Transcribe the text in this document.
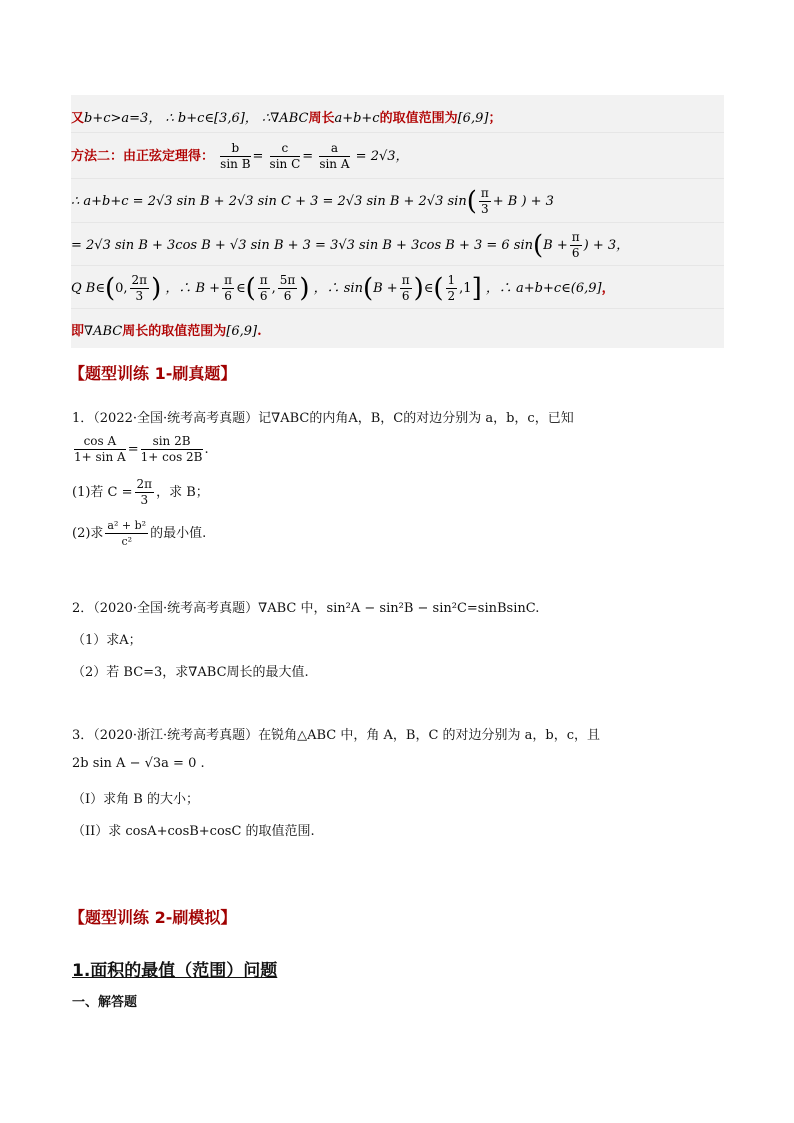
又b+c>a=3， ∴ b+c∈[3,6]， ∴∇ABC周长a+b+c的取值范围为[6,9]；
方法二：由正弦定理得： $\frac{b}{\text{sin B}} = \frac{c}{\text{sin C}} = \frac{a}{\text{sin A}} = 2√3$，
∴ a+b+c = 2√3 sin B + 2√3 sin C + 3 = 2√3 sin B + 2√3 $\sin( \frac{\pi}{3} + B$ ) + 3
= 2√3 sin B + 3cos B + √3 sin B + 3 = 3√3 sin B + 3cos B + 3 = 6 $\sin(B + \frac{\pi}{6}$ ) + 3，
Q B∈(0, $\frac{2\pi}{3}$ ) ，∴ $B + \frac{\pi}{6}$ ∈( $\frac{\pi}{6}$ , $\frac{5\pi}{6}$ ) ，∴ $\sin(B + \frac{\pi}{6}$ )∈( $\frac{1}{2} ,1$] ，∴ a+b+c∈(6,9]，
即∇ABC周长的取值范围为[6,9].
【题型训练 1-刷真题】
1．（2022·全国·统考高考真题）记∇ABC的内角A，B，C的对边分别为 a，b，c，已知
$\frac{\text{cos A}}{\text{1+ sin A}} = \frac{\sin 2B}{1+ \cos 2B}$ .
(1)若 $C = \frac{2\pi}{3}$ ，求 B；
(2)求 $\frac{\text{a² + b²}}{\text{c²}}$ 的最小值.
2．（2020·全国·统考高考真题）∇ABC 中，sin²A − sin²B − sin²C=sinBsinC.
（1）求A；
（2）若 BC=3，求∇ABC周长的最大值.
3．（2020·浙江·统考高考真题）在锐角△ABC 中，角 A，B，C 的对边分别为 a，b，c，且
2b sin A − √3a = 0 .
（I）求角 B 的大小；
（II）求 cosA+cosB+cosC 的取值范围.
【题型训练 2-刷模拟】
1.面积的最值（范围）问题
一、解答题
